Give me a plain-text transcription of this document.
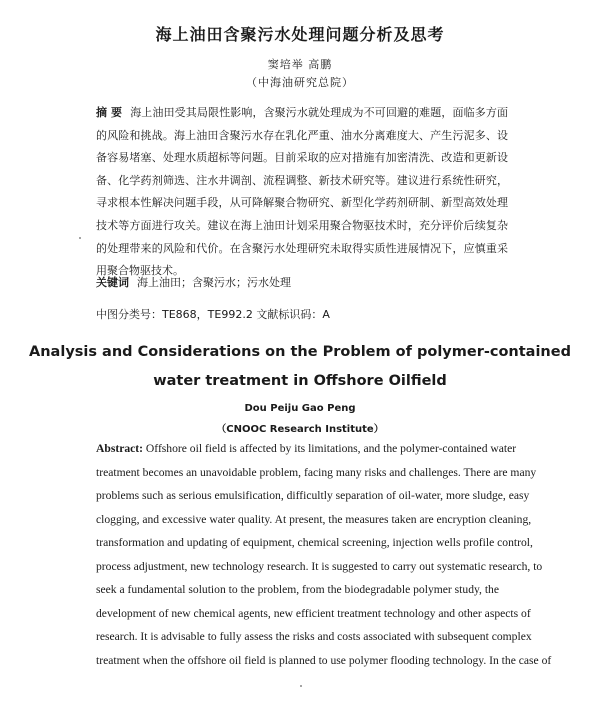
海上油田含聚污水处理问题分析及思考
窦培举 高鹏
（中海油研究总院）
摘 要 海上油田受其局限性影响，含聚污水就处理成为不可回避的难题，面临多方面的风险和挑战。海上油田含聚污水存在乳化严重、油水分离难度大、产生污泥多、设备容易堵塞、处理水质超标等问题。目前采取的应对措施有加密清洗、改造和更新设备、化学药剂筛选、注水井调剖、流程调整、新技术研究等。建议进行系统性研究，寻求根本性解决问题手段，从可降解聚合物研究、新型化学药剂研制、新型高效处理技术等方面进行攻关。建议在海上油田计划采用聚合物驱技术时，充分评价后续复杂的处理带来的风险和代价。在含聚污水处理研究未取得实质性进展情况下，应慎重采用聚合物驱技术。
关键词 海上油田；含聚污水；污水处理
中图分类号：TE868，TE992.2 文献标识码：A
Analysis and Considerations on the Problem of polymer-contained
water treatment in Offshore Oilfield
Dou Peiju Gao Peng
（CNOOC Research Institute）
Abstract: Offshore oil field is affected by its limitations, and the polymer-contained water
treatment becomes an unavoidable problem, facing many risks and challenges. There are many
problems such as serious emulsification, difficultly separation of oil-water, more sludge, easy
clogging, and excessive water quality. At present, the measures taken are encryption cleaning,
transformation and updating of equipment, chemical screening, injection wells profile control,
process adjustment, new technology research. It is suggested to carry out systematic research, to
seek a fundamental solution to the problem, from the biodegradable polymer study, the
development of new chemical agents, new efficient treatment technology and other aspects of
research. It is advisable to fully assess the risks and costs associated with subsequent complex
treatment when the offshore oil field is planned to use polymer flooding technology. In the case of
